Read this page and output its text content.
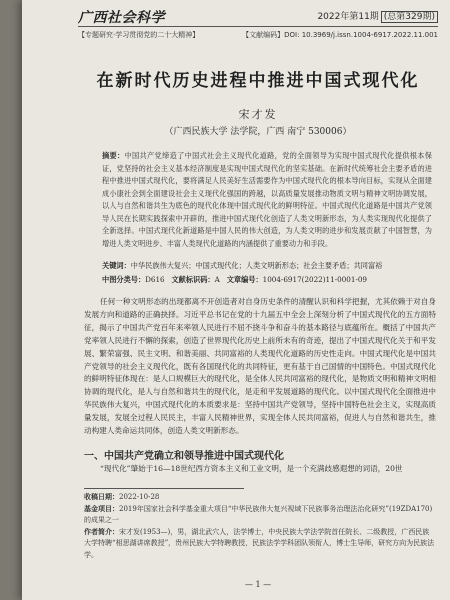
广西社会科学	2022年第11期 (总第329期)
【专题研究·学习贯彻党的二十大精神】	【文献编码】DOI: 10.3969/j.issn.1004-6917.2022.11.001
在新时代历史进程中推进中国式现代化
宋才发
（广西民族大学 法学院，广西 南宁 530006）
摘要：中国共产党缔造了中国式社会主义现代化道路，党的全面领导为实现中国式现代化提供根本保证，党坚持的社会主义基本经济制度是实现中国式现代化的坚实基础。在新时代统筹社会主要矛盾的进程中推进中国式现代化，要将满足人民美好生活需要作为中国式现代化的根本导向目标，实现从全面建成小康社会到全面建设社会主义现代化强国的跨越，以高质量发展推动物质文明与精神文明协调发展，以人与自然和谐共生为底色的现代化体现中国式现代化的鲜明特征。中国式现代化道路是中国共产党领导人民在长期实践探索中开辟的，推进中国式现代化创造了人类文明新形态，为人类实现现代化提供了全新选择。中国式现代化新道路是中国人民的伟大创造，为人类文明的进步和发展贡献了中国智慧，为增进人类文明进步、丰富人类现代化道路的内涵提供了重要动力和手段。
关键词：中华民族伟大复兴；中国式现代化；人类文明新形态；社会主要矛盾；共同富裕
中图分类号：D616 文献标识码：A 文章编号：1004-6917(2022)11-0001-09
任何一种文明形态的出现都离不开创造者对自身历史条件的清醒认识和科学把握，尤其依赖于对自身发展方向和道路的正确抉择。习近平总书记在党的十九届五中全会上深刻分析了中国式现代化的五方面特征，揭示了中国共产党百年来率领人民进行不屈不挠斗争和奋斗的基本路径与底蕴所在。概括了中国共产党率领人民进行不懈的探索，创造了世界现代化历史上前所未有的奇迹，提出了中国式现代化关于和平发展、繁荣富强、民主文明、和谐美丽、共同富裕的人类现代化道路的历史性走向。中国式现代化是中国共产党领导的社会主义现代化，既有各国现代化的共同特征，更有基于自己国情的中国特色。中国式现代化的鲜明特征体现在：是人口规模巨大的现代化，是全体人民共同富裕的现代化，是物质文明和精神文明相协调的现代化，是人与自然和谐共生的现代化，是走和平发展道路的现代化。以中国式现代化全面推进中华民族伟大复兴，中国式现代化的本质要求是：坚持中国共产党领导，坚持中国特色社会主义，实现高质量发展，发展全过程人民民主，丰富人民精神世界，实现全体人民共同富裕，促进人与自然和谐共生，推动构建人类命运共同体，创造人类文明新形态。
一、中国共产党确立和领导推进中国式现代化
“现代化”肇始于16—18世纪西方资本主义和工业文明，是一个充满歧感遐想的词语，20世

收稿日期：2022-10-28

基金项目：2019年国家社会科学基金重大项目“中华民族伟大复兴视域下民族事务治理法治化研究”(19ZDA170)的成果之一

作者简介：宋才发(1953—)，男，湖北武穴人，法学博士，中央民族大学法学院首任院长、二级教授，广西民族大学特聘“相思湖讲席教授”，贵州民族大学特聘教授，民族法学学科团队领衔人，博士生导师，研究方向为民族法学。

— 1 —
